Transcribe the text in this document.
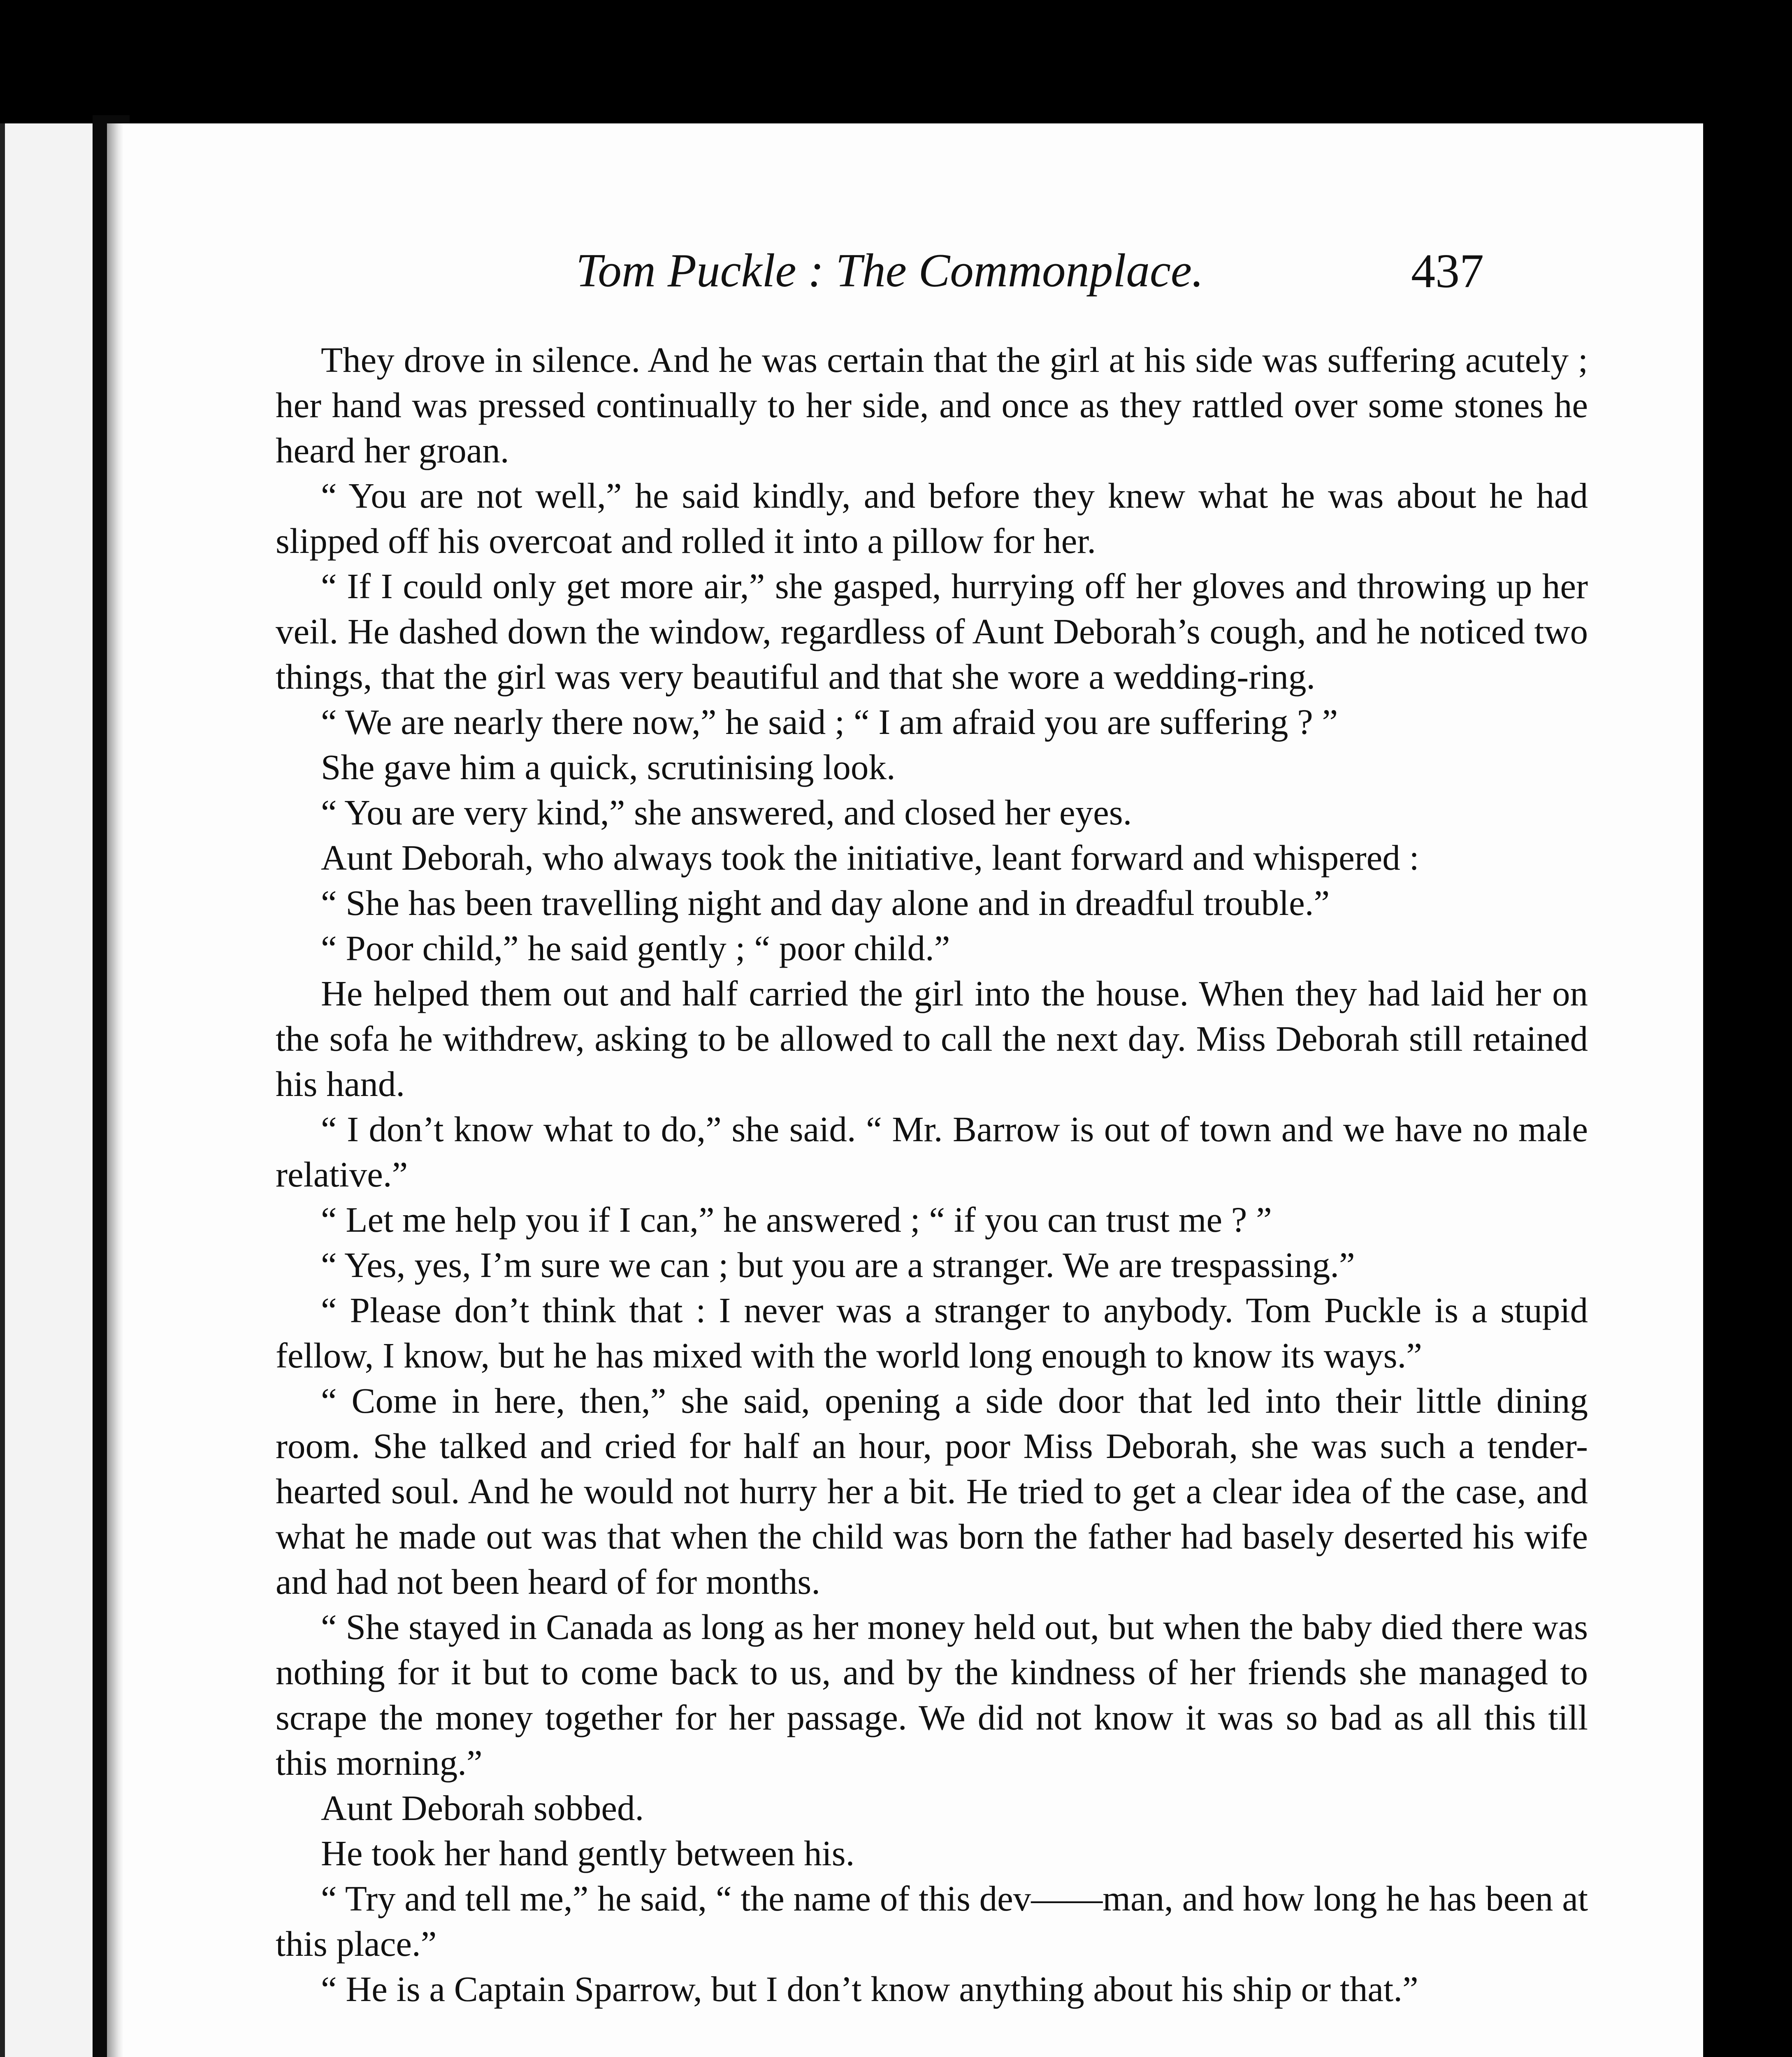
Tom Puckle : The Commonplace.	437

They drove in silence. And he was certain that the girl at his side was suffering acutely ; her hand was pressed continually to her side, and once as they rattled over some stones he heard her groan.

“ You are not well,” he said kindly, and before they knew what he was about he had slipped off his overcoat and rolled it into a pillow for her.

“ If I could only get more air,” she gasped, hurrying off her gloves and throwing up her veil. He dashed down the window, regardless of Aunt Deborah’s cough, and he noticed two things, that the girl was very beautiful and that she wore a wedding-ring.

“ We are nearly there now,” he said ; “ I am afraid you are suffering ? ”

She gave him a quick, scrutinising look.

“ You are very kind,” she answered, and closed her eyes.

Aunt Deborah, who always took the initiative, leant forward and whispered :

“ She has been travelling night and day alone and in dreadful trouble.”

“ Poor child,” he said gently ; “ poor child.”

He helped them out and half carried the girl into the house. When they had laid her on the sofa he withdrew, asking to be allowed to call the next day. Miss Deborah still retained his hand.

“ I don’t know what to do,” she said. “ Mr. Barrow is out of town and we have no male relative.”

“ Let me help you if I can,” he answered ; “ if you can trust me ? ”

“ Yes, yes, I’m sure we can ; but you are a stranger. We are trespassing.”

“ Please don’t think that : I never was a stranger to anybody. Tom Puckle is a stupid fellow, I know, but he has mixed with the world long enough to know its ways.”

“ Come in here, then,” she said, opening a side door that led into their little dining room. She talked and cried for half an hour, poor Miss Deborah, she was such a tender-hearted soul. And he would not hurry her a bit. He tried to get a clear idea of the case, and what he made out was that when the child was born the father had basely deserted his wife and had not been heard of for months.

“ She stayed in Canada as long as her money held out, but when the baby died there was nothing for it but to come back to us, and by the kindness of her friends she managed to scrape the money together for her passage. We did not know it was so bad as all this till this morning.”

Aunt Deborah sobbed.

He took her hand gently between his.

“ Try and tell me,” he said, “ the name of this dev——man, and how long he has been at this place.”

“ He is a Captain Sparrow, but I don’t know anything about his ship or that.”
